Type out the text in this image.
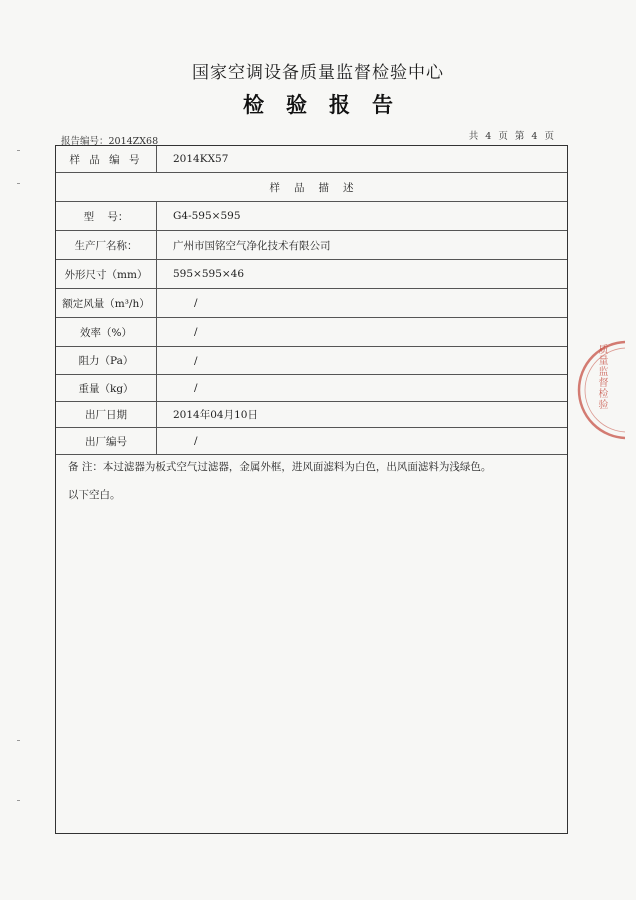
国家空调设备质量监督检验中心
检验报告
报告编号：2014ZX68	共 4 页 第 4 页
样 品 编 号	2014KX57
样品描述
型    号：	G4-595×595
生产厂名称：	广州市国铭空气净化技术有限公司
外形尺寸（mm）	595×595×46
额定风量（m³/h）	/
效率（%）	/
阻力（Pa）	/
重量（kg）	/
出厂日期	2014年04月10日
出厂编号	/
备 注：本过滤器为板式空气过滤器，金属外框，进风面滤料为白色，出风面滤料为浅绿色。
以下空白。
质量监督检验
